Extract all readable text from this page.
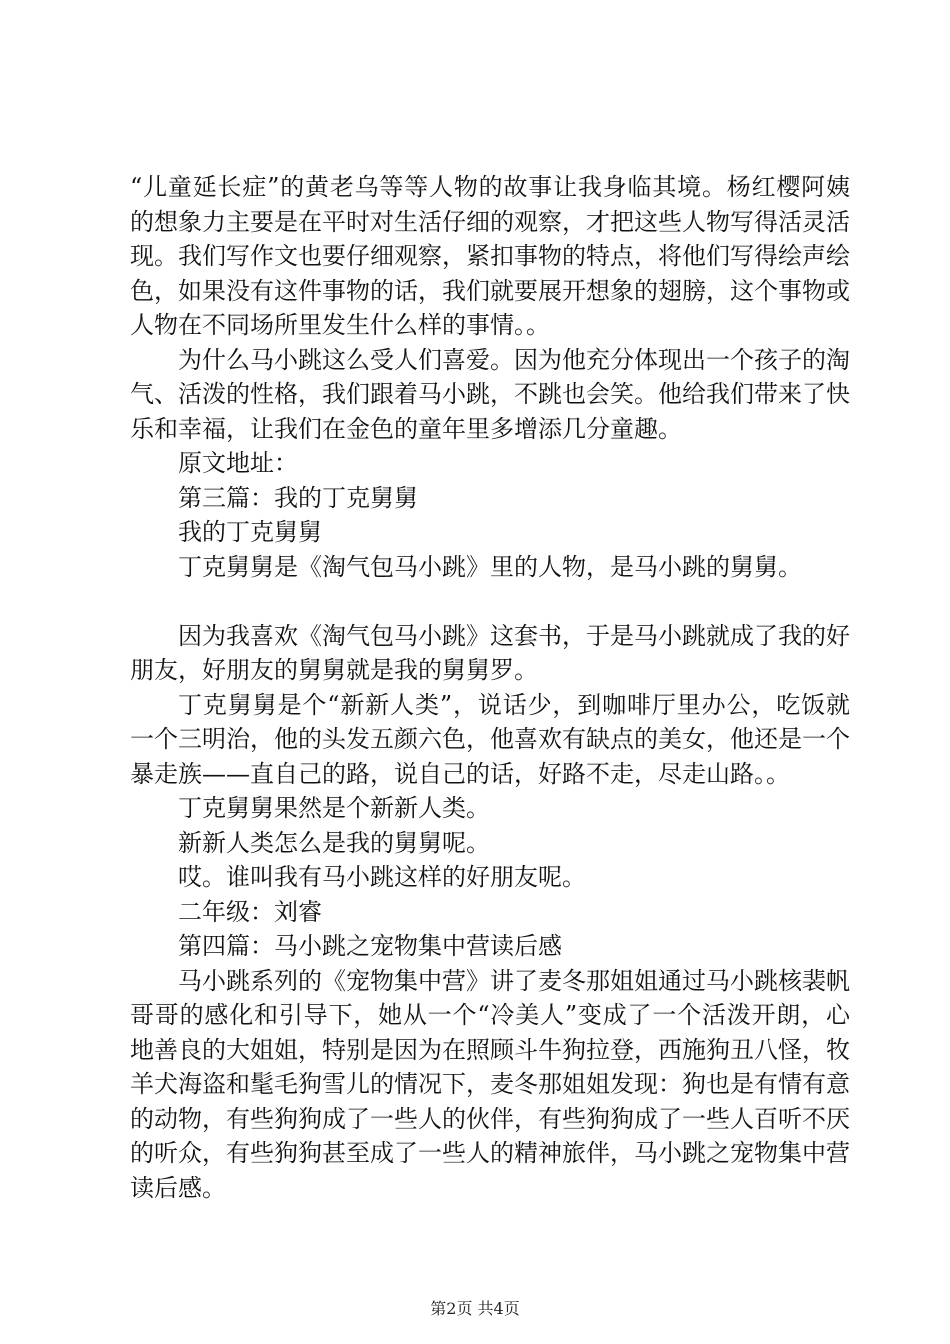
“儿童延长症”的黄老乌等等人物的故事让我身临其境。杨红樱阿姨的想象力主要是在平时对生活仔细的观察，才把这些人物写得活灵活现。我们写作文也要仔细观察，紧扣事物的特点，将他们写得绘声绘色，如果没有这件事物的话，我们就要展开想象的翅膀，这个事物或人物在不同场所里发生什么样的事情。。

为什么马小跳这么受人们喜爱。因为他充分体现出一个孩子的淘气、活泼的性格，我们跟着马小跳，不跳也会笑。他给我们带来了快乐和幸福，让我们在金色的童年里多增添几分童趣。

原文地址：

第三篇：我的丁克舅舅

我的丁克舅舅

丁克舅舅是《淘气包马小跳》里的人物，是马小跳的舅舅。

因为我喜欢《淘气包马小跳》这套书，于是马小跳就成了我的好朋友，好朋友的舅舅就是我的舅舅罗。

丁克舅舅是个“新新人类”，说话少，到咖啡厅里办公，吃饭就一个三明治，他的头发五颜六色，他喜欢有缺点的美女，他还是一个暴走族——直自己的路，说自己的话，好路不走，尽走山路。。

丁克舅舅果然是个新新人类。

新新人类怎么是我的舅舅呢。

哎。谁叫我有马小跳这样的好朋友呢。

二年级：刘睿

第四篇：马小跳之宠物集中营读后感

马小跳系列的《宠物集中营》讲了麦冬那姐姐通过马小跳核裴帆哥哥的感化和引导下，她从一个“冷美人”变成了一个活泼开朗，心地善良的大姐姐，特别是因为在照顾斗牛狗拉登，西施狗丑八怪，牧羊犬海盗和髦毛狗雪儿的情况下，麦冬那姐姐发现：狗也是有情有意的动物，有些狗狗成了一些人的伙伴，有些狗狗成了一些人百听不厌的听众，有些狗狗甚至成了一些人的精神旅伴，马小跳之宠物集中营读后感。

第2页 共4页
